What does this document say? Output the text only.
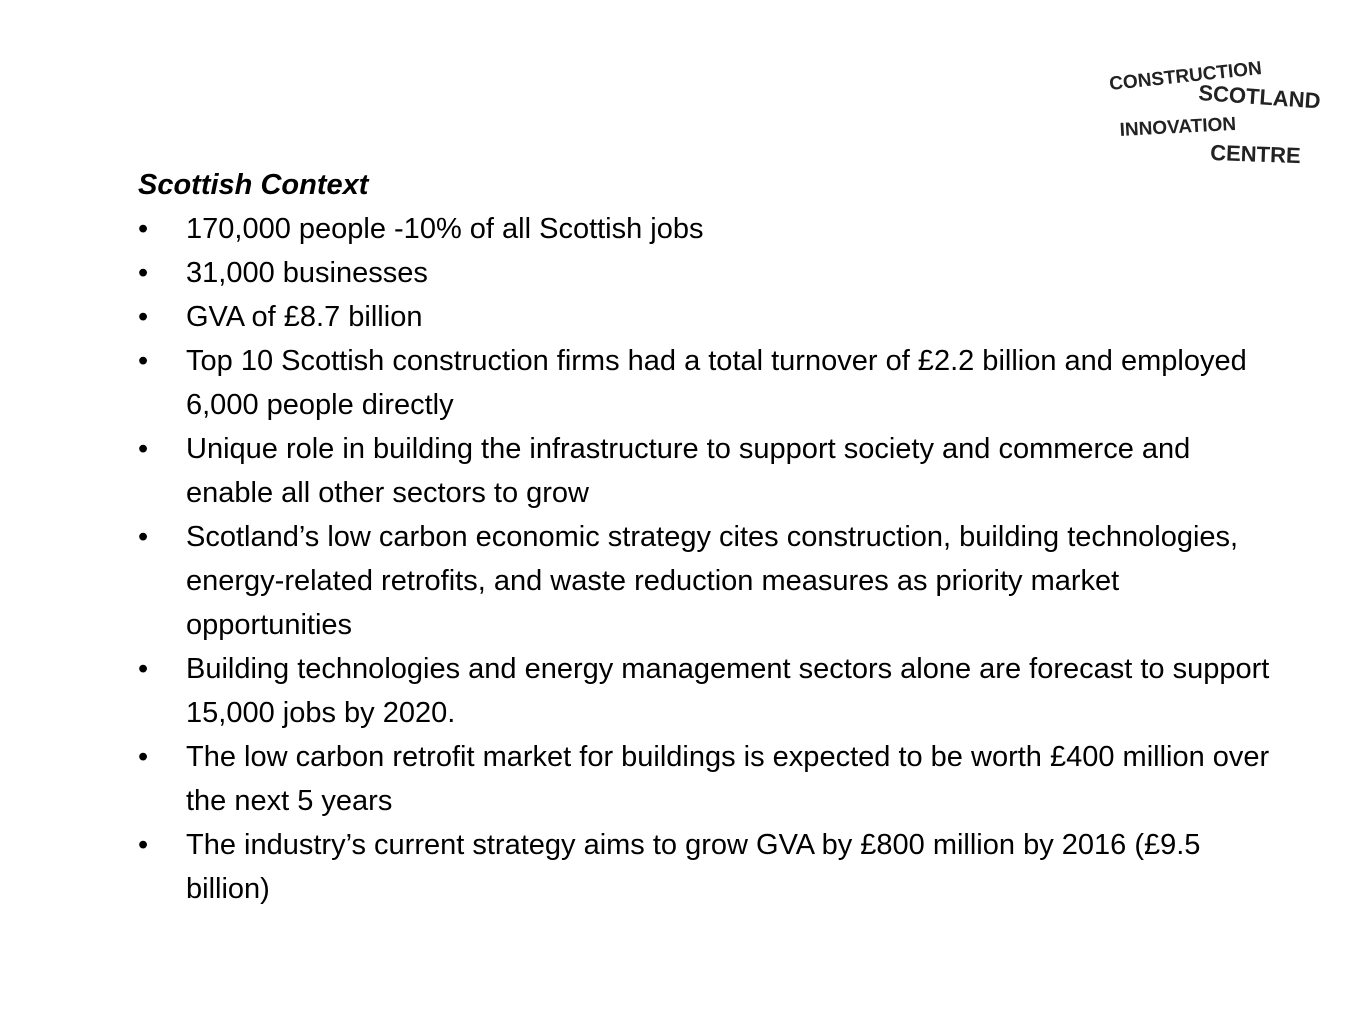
CONSTRUCTION
SCOTLAND
INNOVATION
CENTRE

Scottish Context

•	170,000 people -10% of all Scottish jobs
•	31,000 businesses
•	GVA of £8.7 billion
•	Top 10 Scottish construction firms had a total turnover of £2.2 billion and employed 6,000 people directly
•	Unique role in building the infrastructure to support society and commerce and enable all other sectors to grow
•	Scotland’s low carbon economic strategy cites construction, building technologies, energy-related retrofits, and waste reduction measures as priority market opportunities
•	Building technologies and energy management sectors alone are forecast to support 15,000 jobs by 2020.
•	The low carbon retrofit market for buildings is expected to be worth £400 million over the next 5 years
•	The industry’s current strategy aims to grow GVA by £800 million by 2016 (£9.5 billion)
